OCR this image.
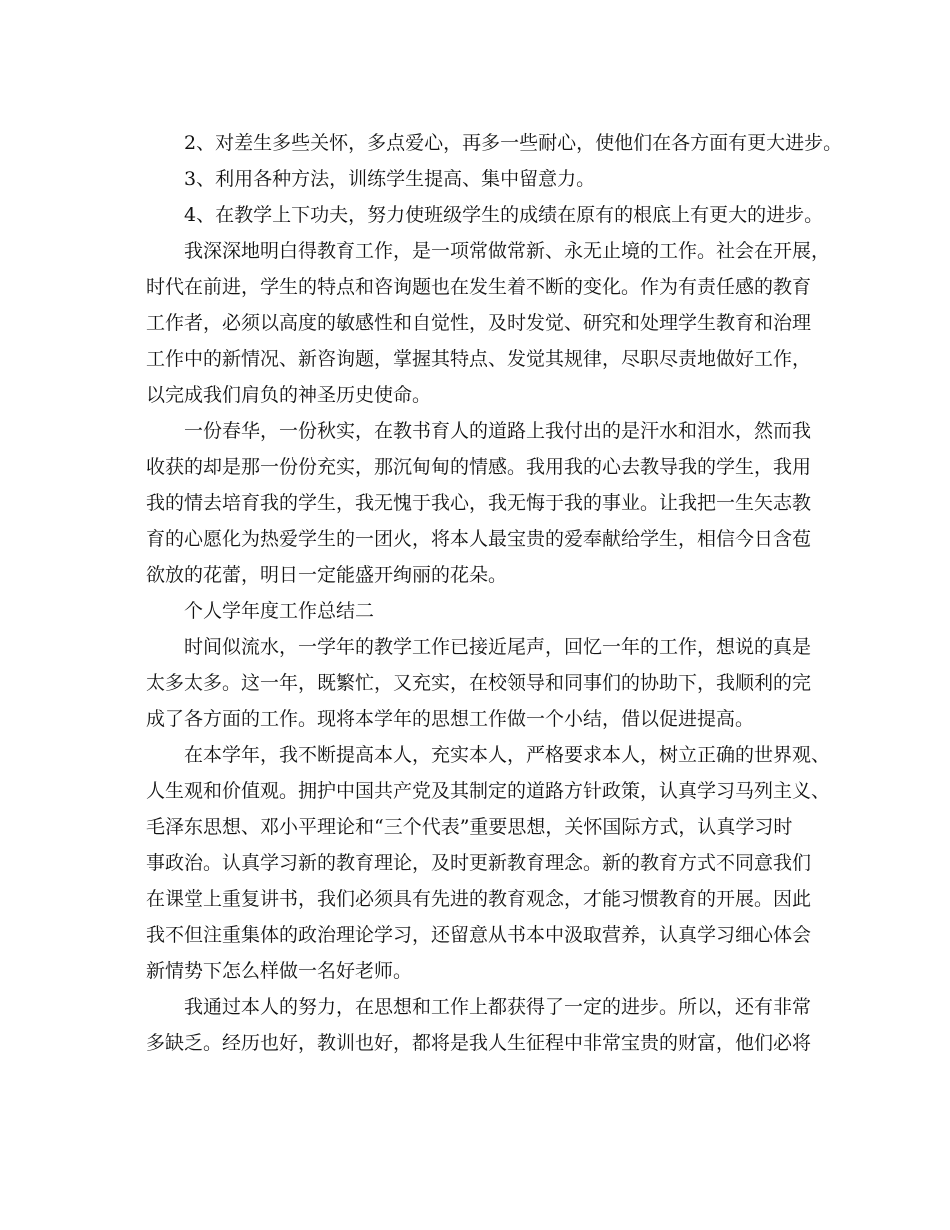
2、对差生多些关怀，多点爱心，再多一些耐心，使他们在各方面有更大进步。

3、利用各种方法，训练学生提高、集中留意力。

4、在教学上下功夫，努力使班级学生的成绩在原有的根底上有更大的进步。

我深深地明白得教育工作，是一项常做常新、永无止境的工作。社会在开展，

时代在前进，学生的特点和咨询题也在发生着不断的变化。作为有责任感的教育

工作者，必须以高度的敏感性和自觉性，及时发觉、研究和处理学生教育和治理

工作中的新情况、新咨询题，掌握其特点、发觉其规律，尽职尽责地做好工作，

以完成我们肩负的神圣历史使命。

一份春华，一份秋实，在教书育人的道路上我付出的是汗水和泪水，然而我

收获的却是那一份份充实，那沉甸甸的情感。我用我的心去教导我的学生，我用

我的情去培育我的学生，我无愧于我心，我无悔于我的事业。让我把一生矢志教

育的心愿化为热爱学生的一团火，将本人最宝贵的爱奉献给学生，相信今日含苞

欲放的花蕾，明日一定能盛开绚丽的花朵。

个人学年度工作总结二

时间似流水，一学年的教学工作已接近尾声，回忆一年的工作，想说的真是

太多太多。这一年，既繁忙，又充实，在校领导和同事们的协助下，我顺利的完

成了各方面的工作。现将本学年的思想工作做一个小结，借以促进提高。

在本学年，我不断提高本人，充实本人，严格要求本人，树立正确的世界观、

人生观和价值观。拥护中国共产党及其制定的道路方针政策，认真学习马列主义、

毛泽东思想、邓小平理论和“三个代表”重要思想，关怀国际方式，认真学习时

事政治。认真学习新的教育理论，及时更新教育理念。新的教育方式不同意我们

在课堂上重复讲书，我们必须具有先进的教育观念，才能习惯教育的开展。因此

我不但注重集体的政治理论学习，还留意从书本中汲取营养，认真学习细心体会

新情势下怎么样做一名好老师。

我通过本人的努力，在思想和工作上都获得了一定的进步。所以，还有非常

多缺乏。经历也好，教训也好，都将是我人生征程中非常宝贵的财富，他们必将
